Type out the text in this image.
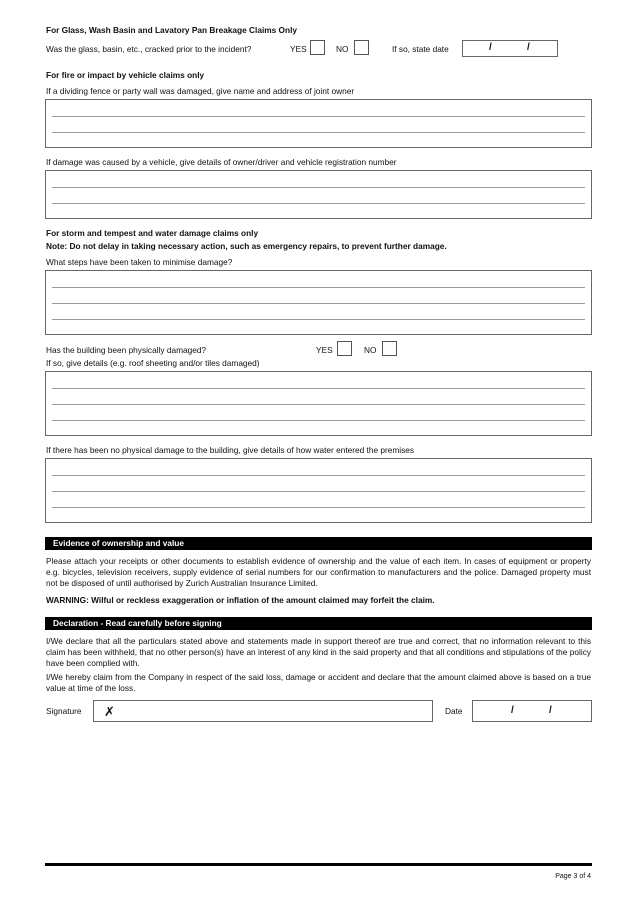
For Glass, Wash Basin and Lavatory Pan Breakage Claims Only
Was the glass, basin, etc., cracked prior to the incident?	YES	NO	If so, state date	/	/
For fire or impact by vehicle claims only
If a dividing fence or party wall was damaged, give name and address of joint owner
If damage was caused by a vehicle, give details of owner/driver and vehicle registration number
For storm and tempest and water damage claims only
Note: Do not delay in taking necessary action, such as emergency repairs, to prevent further damage.
What steps have been taken to minimise damage?
Has the building been physically damaged?	YES	NO
If so, give details (e.g. roof sheeting and/or tiles damaged)
If there has been no physical damage to the building, give details of how water entered the premises
Evidence of ownership and value
Please attach your receipts or other documents to establish evidence of ownership and the value of each item. In cases of equipment or property e.g. bicycles, television receivers, supply evidence of serial numbers for our confirmation to manufacturers and the police. Damaged property must not be disposed of until authorised by Zurich Australian Insurance Limited.
WARNING: Wilful or reckless exaggeration or inflation of the amount claimed may forfeit the claim.
Declaration - Read carefully before signing
I/We declare that all the particulars stated above and statements made in support thereof are true and correct, that no information relevant to this claim has been withheld, that no other person(s) have an interest of any kind in the said property and that all conditions and stipulations of the policy have been complied with.
I/We hereby claim from the Company in respect of the said loss, damage or accident and declare that the amount claimed above is based on a true value at time of the loss.
Signature ✗	Date	/	/
Page 3 of 4
